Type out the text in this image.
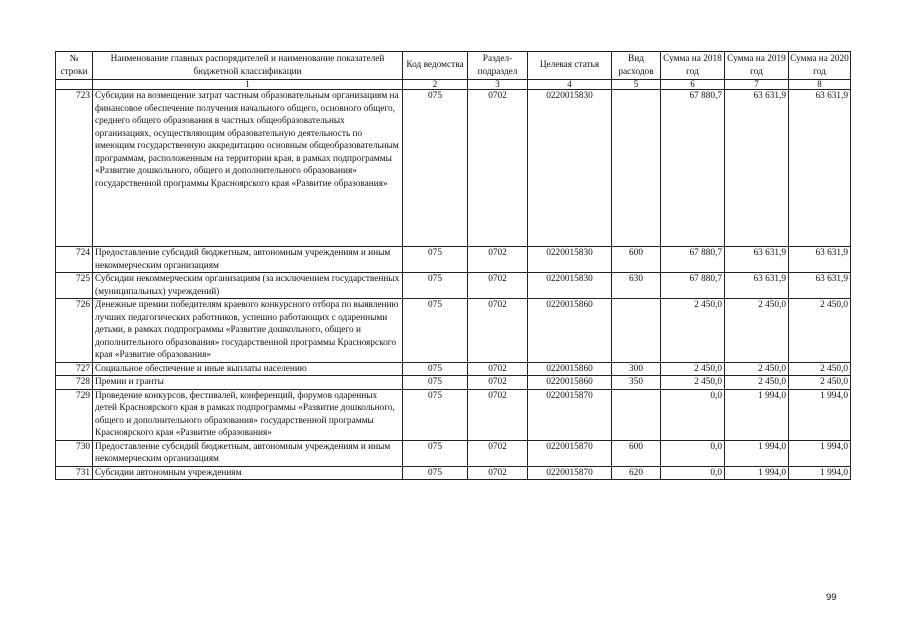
№ строки	Наименование главных распорядителей и наименование показателей бюджетной классификации	Код ведомства	Раздел-подраздел	Целевая статья	Вид расходов	Сумма на 2018 год	Сумма на 2019 год	Сумма на 2020 год
	1	2	3	4	5	6	7	8
723	Субсидии на возмещение затрат частным образовательным организациям на финансовое обеспечение получения начального общего, основного общего, среднего общего образования в частных общеобразовательных организациях, осуществляющим образовательную деятельность по имеющим государственную аккредитацию основным общеобразовательным программам, расположенным на территории края, в рамках подпрограммы «Развитие дошкольного, общего и дополнительного образования» государственной программы Красноярского края «Развитие образования»	075	0702	0220015830		67 880,7	63 631,9	63 631,9
724	Предоставление субсидий бюджетным, автономным учреждениям и иным некоммерческим организациям	075	0702	0220015830	600	67 880,7	63 631,9	63 631,9
725	Субсидии некоммерческим организациям (за исключением государственных (муниципальных) учреждений)	075	0702	0220015830	630	67 880,7	63 631,9	63 631,9
726	Денежные премии победителям краевого конкурсного отбора по выявлению лучших педагогических работников, успешно работающих с одаренными детьми, в рамках подпрограммы «Развитие дошкольного, общего и дополнительного образования» государственной программы Красноярского края «Развитие образования»	075	0702	0220015860		2 450,0	2 450,0	2 450,0
727	Социальное обеспечение и иные выплаты населению	075	0702	0220015860	300	2 450,0	2 450,0	2 450,0
728	Премии и гранты	075	0702	0220015860	350	2 450,0	2 450,0	2 450,0
729	Проведение конкурсов, фестивалей, конференций, форумов одаренных детей Красноярского края в рамках подпрограммы «Развитие дошкольного, общего и дополнительного образования» государственной программы Красноярского края «Развитие образования»	075	0702	0220015870		0,0	1 994,0	1 994,0
730	Предоставление субсидий бюджетным, автономным учреждениям и иным некоммерческим организациям	075	0702	0220015870	600	0,0	1 994,0	1 994,0
731	Субсидии автономным учреждениям	075	0702	0220015870	620	0,0	1 994,0	1 994,0
99
